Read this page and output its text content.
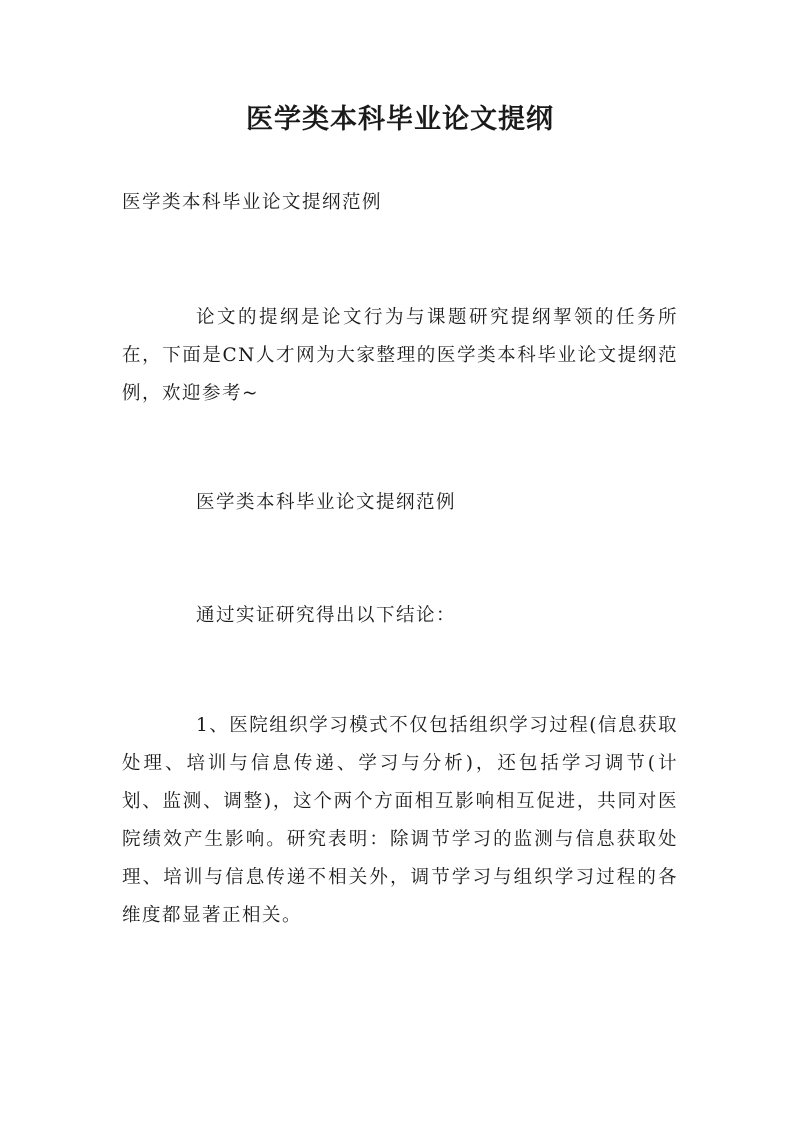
医学类本科毕业论文提纲

医学类本科毕业论文提纲范例

论文的提纲是论文行为与课题研究提纲挈领的任务所在，下面是CN人才网为大家整理的医学类本科毕业论文提纲范例，欢迎参考~

医学类本科毕业论文提纲范例

通过实证研究得出以下结论：

1、医院组织学习模式不仅包括组织学习过程(信息获取处理、培训与信息传递、学习与分析)，还包括学习调节(计划、监测、调整)，这个两个方面相互影响相互促进，共同对医院绩效产生影响。研究表明：除调节学习的监测与信息获取处理、培训与信息传递不相关外，调节学习与组织学习过程的各维度都显著正相关。
